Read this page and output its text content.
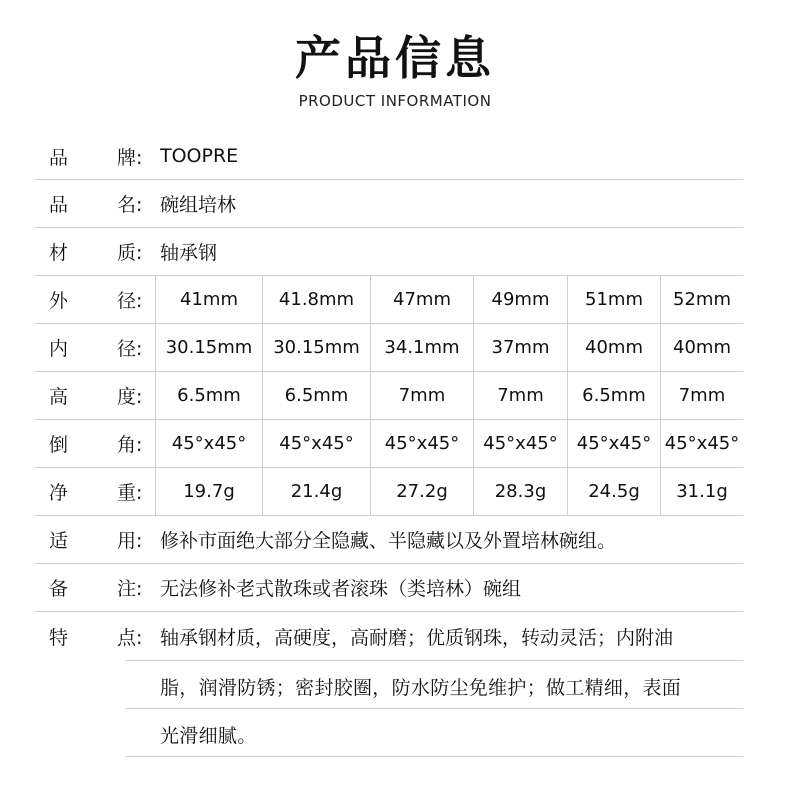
产品信息
PRODUCT INFORMATION
品	牌: TOOPRE
品	名: 碗组培林
材	质: 轴承钢
外	径:	41mm	41.8mm	47mm	49mm	51mm	52mm
内	径:	30.15mm	30.15mm	34.1mm	37mm	40mm	40mm
高	度:	6.5mm	6.5mm	7mm	7mm	6.5mm	7mm
倒	角:	45°x45°	45°x45°	45°x45°	45°x45°	45°x45° 45°x45°
净	重:	19.7g	21.4g	27.2g	28.3g	24.5g	31.1g
适	用: 修补市面绝大部分全隐藏、半隐藏以及外置培林碗组。
备	注: 无法修补老式散珠或者滚珠（类培林）碗组
特	点: 轴承钢材质，高硬度，高耐磨；优质钢珠，转动灵活；内附油
脂，润滑防锈；密封胶圈，防水防尘免维护；做工精细，表面
光滑细腻。
